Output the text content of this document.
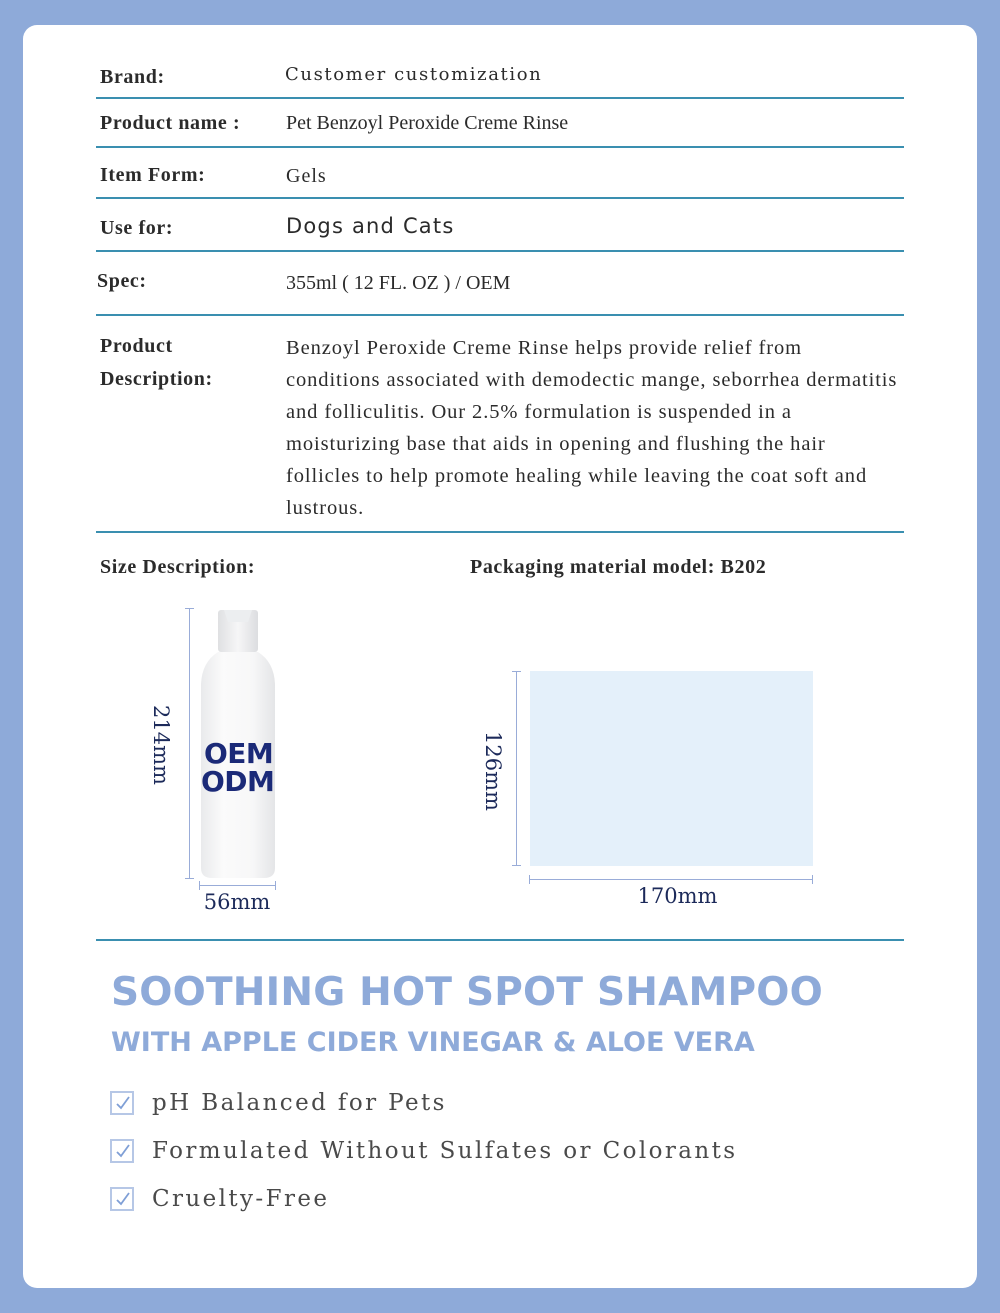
Brand:	Customer customization
Product name : Pet Benzoyl Peroxide Creme Rinse
Item Form:	Gels
Use for:	Dogs and Cats
Spec:	355ml ( 12 FL. OZ ) / OEM
Product
Description:
Benzoyl Peroxide Creme Rinse helps provide relief from conditions associated with demodectic mange, seborrhea dermatitis and folliculitis. Our 2.5% formulation is suspended in a moisturizing base that aids in opening and flushing the hair follicles to help promote healing while leaving the coat soft and lustrous.
Size Description:	Packaging material model: B202
OEM
ODM
214mm
56mm
126mm
170mm
SOOTHING HOT SPOT SHAMPOO
WITH APPLE CIDER VINEGAR & ALOE VERA
pH Balanced for Pets
Formulated Without Sulfates or Colorants
Cruelty-Free
